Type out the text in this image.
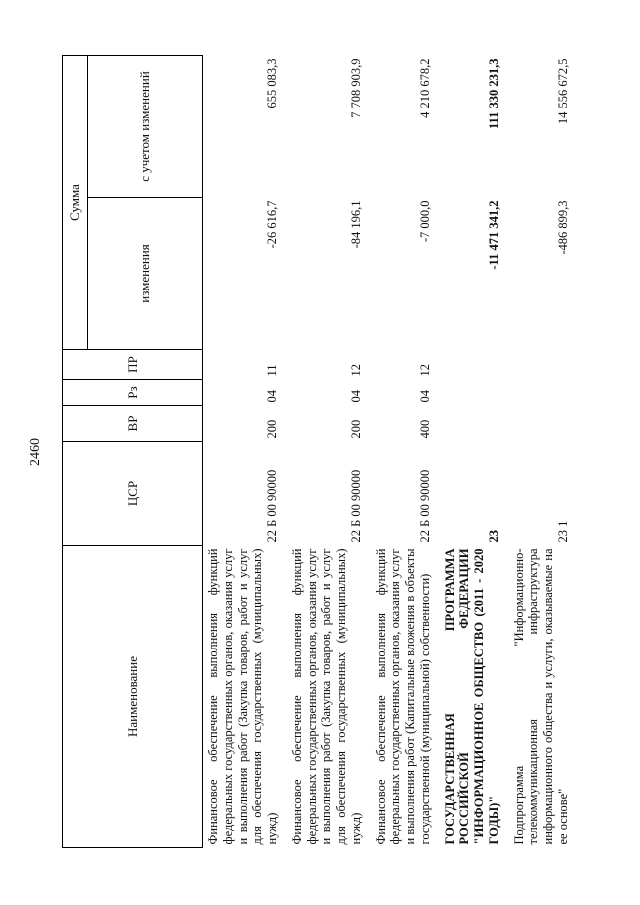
2460
Наименование	ЦСР	ВР	Рз	ПР	Сумма	
					изменения	с учетом изменений
Финансовое обеспечение выполнения функций федеральных государственных органов, оказания услуг и выполнения работ (Закупка товаров, работ и услуг для обеспечения государственных (муниципальных) нужд)	22 Б 00 90000	200	04	11	-26 616,7	655 083,3
Финансовое обеспечение выполнения функций федеральных государственных органов, оказания услуг и выполнения работ (Закупка товаров, работ и услуг для обеспечения государственных (муниципальных) нужд)	22 Б 00 90000	200	04	12	-84 196,1	7 708 903,9
Финансовое обеспечение выполнения функций федеральных государственных органов, оказания услуг и выполнения работ (Капитальные вложения в объекты государственной (муниципальной) собственности)	22 Б 00 90000	400	04	12	-7 000,0	4 210 678,2
ГОСУДАРСТВЕННАЯ ПРОГРАММА РОССИЙСКОЙ ФЕДЕРАЦИИ "ИНФОРМАЦИОННОЕ ОБЩЕСТВО (2011 - 2020 ГОДЫ)"	23				-11 471 341,2	111 330 231,3
Подпрограмма "Информационно-телекоммуникационная инфраструктура информационного общества и услуги, оказываемые на ее основе"	23 1				-486 899,3	14 556 672,5
